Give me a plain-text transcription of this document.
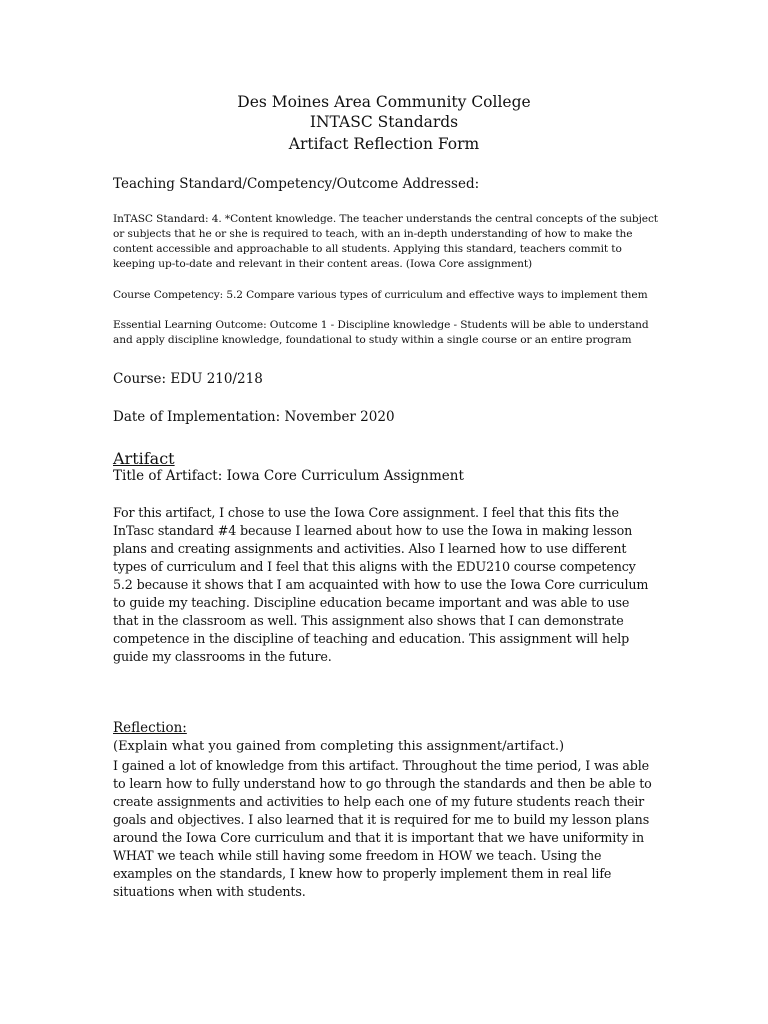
Des Moines Area Community College
INTASC Standards
Artifact Reflection Form
Teaching Standard/Competency/Outcome Addressed:
InTASC Standard: 4. *Content knowledge. The teacher understands the central concepts of the subject or subjects that he or she is required to teach, with an in-depth understanding of how to make the content accessible and approachable to all students. Applying this standard, teachers commit to keeping up-to-date and relevant in their content areas. (Iowa Core assignment)
Course Competency: 5.2 Compare various types of curriculum and effective ways to implement them
Essential Learning Outcome: Outcome 1 - Discipline knowledge - Students will be able to understand and apply discipline knowledge, foundational to study within a single course or an entire program
Course: EDU 210/218
Date of Implementation: November 2020
Artifact
Title of Artifact: Iowa Core Curriculum Assignment
For this artifact, I chose to use the Iowa Core assignment. I feel that this fits the InTasc standard #4 because I learned about how to use the Iowa in making lesson plans and creating assignments and activities. Also I learned how to use different types of curriculum and I feel that this aligns with the EDU210 course competency 5.2 because it shows that I am acquainted with how to use the Iowa Core curriculum to guide my teaching. Discipline education became important and was able to use that in the classroom as well. This assignment also shows that I can demonstrate competence in the discipline of teaching and education. This assignment will help guide my classrooms in the future.
Reflection:
(Explain what you gained from completing this assignment/artifact.)
I gained a lot of knowledge from this artifact. Throughout the time period, I was able to learn how to fully understand how to go through the standards and then be able to create assignments and activities to help each one of my future students reach their goals and objectives. I also learned that it is required for me to build my lesson plans around the Iowa Core curriculum and that it is important that we have uniformity in WHAT we teach while still having some freedom in HOW we teach. Using the examples on the standards, I knew how to properly implement them in real life situations when with students.
